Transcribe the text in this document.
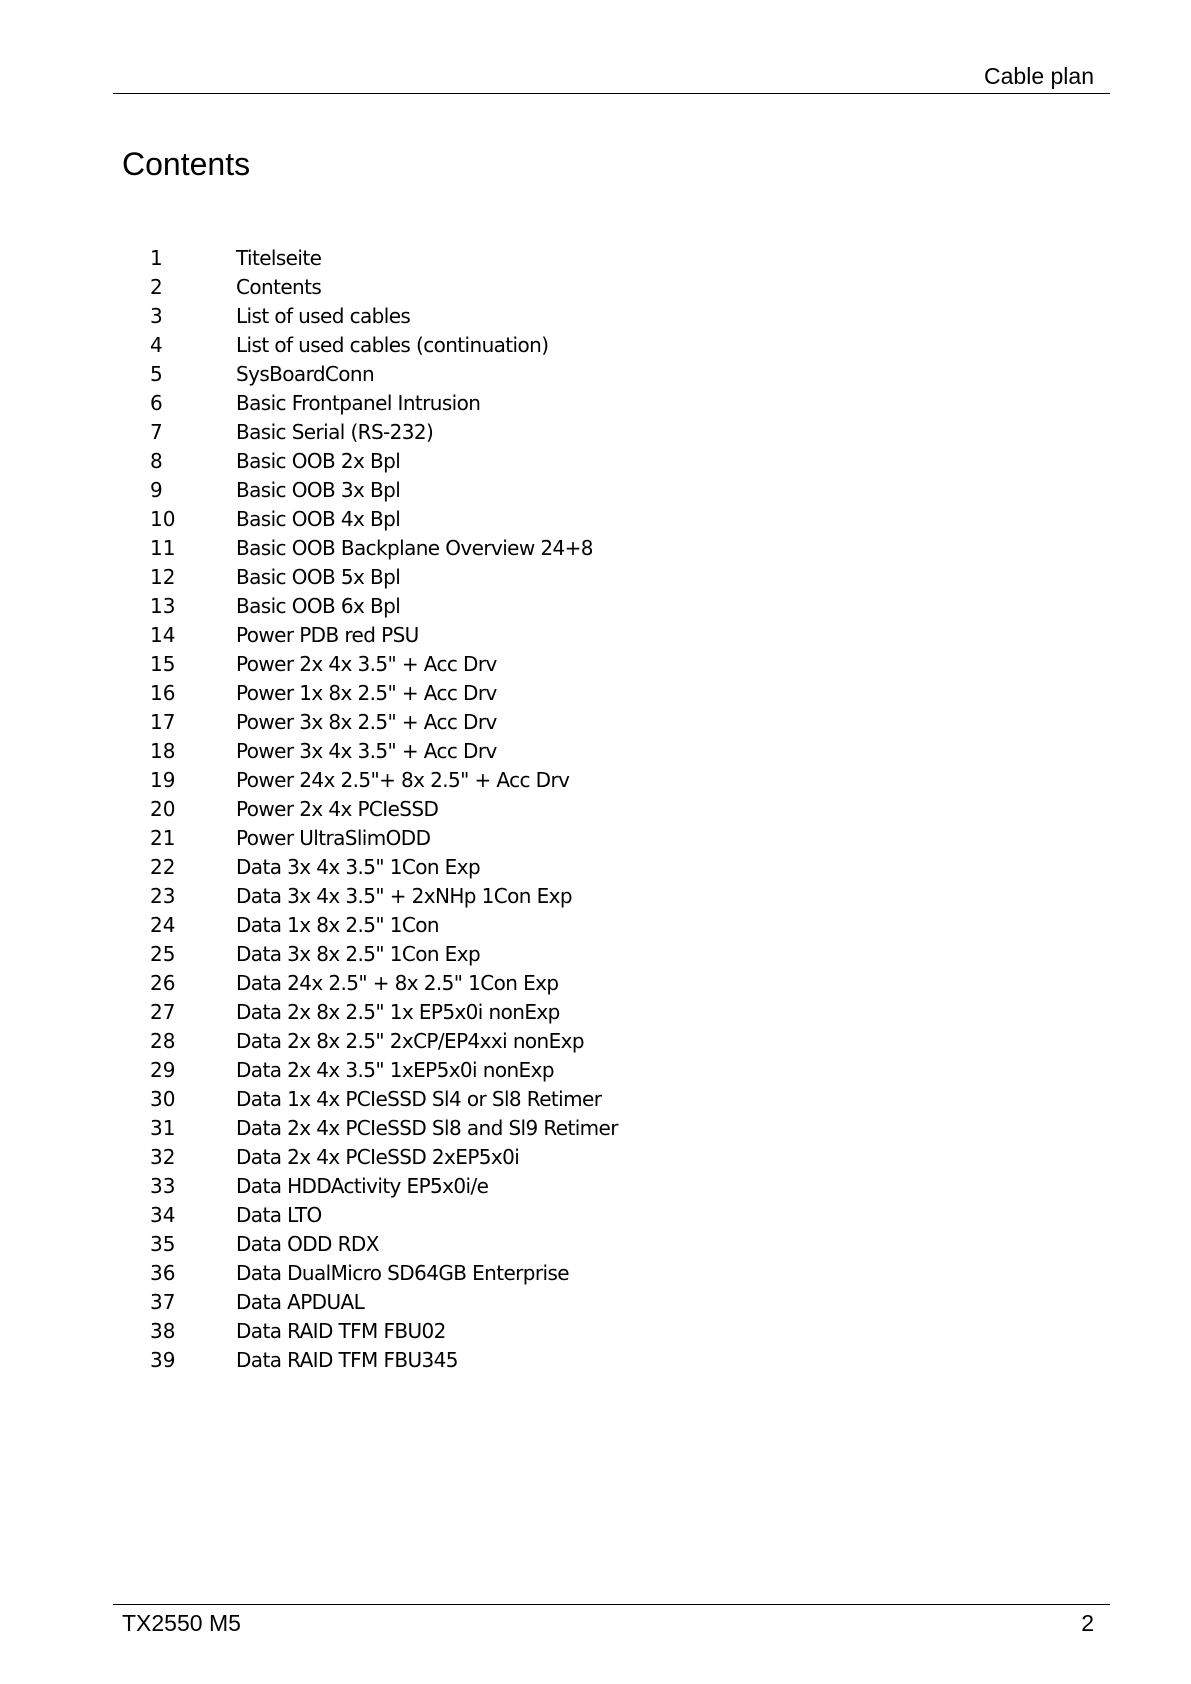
Cable plan
Contents
1	Titelseite
2	Contents
3	List of used cables
4	List of used cables (continuation)
5	SysBoardConn
6	Basic Frontpanel Intrusion
7	Basic Serial (RS-232)
8	Basic OOB 2x Bpl
9	Basic OOB 3x Bpl
10	Basic OOB 4x Bpl
11	Basic OOB Backplane Overview 24+8
12	Basic OOB 5x Bpl
13	Basic OOB 6x Bpl
14	Power PDB red PSU
15	Power 2x 4x 3.5" + Acc Drv
16	Power 1x 8x 2.5" + Acc Drv
17	Power 3x 8x 2.5" + Acc Drv
18	Power 3x 4x 3.5" + Acc Drv
19	Power 24x 2.5"+ 8x 2.5" + Acc Drv
20	Power 2x 4x PCIeSSD
21	Power UltraSlimODD
22	Data 3x 4x 3.5" 1Con Exp
23	Data 3x 4x 3.5" + 2xNHp 1Con Exp
24	Data 1x 8x 2.5" 1Con
25	Data 3x 8x 2.5" 1Con Exp
26	Data 24x 2.5" + 8x 2.5" 1Con Exp
27	Data 2x 8x 2.5" 1x EP5x0i nonExp
28	Data 2x 8x 2.5" 2xCP/EP4xxi nonExp
29	Data 2x 4x 3.5" 1xEP5x0i nonExp
30	Data 1x 4x PCIeSSD Sl4 or Sl8 Retimer
31	Data 2x 4x PCIeSSD Sl8 and Sl9 Retimer
32	Data 2x 4x PCIeSSD 2xEP5x0i
33	Data HDDActivity EP5x0i/e
34	Data LTO
35	Data ODD RDX
36	Data DualMicro SD64GB Enterprise
37	Data APDUAL
38	Data RAID TFM FBU02
39	Data RAID TFM FBU345
TX2550 M5	2
